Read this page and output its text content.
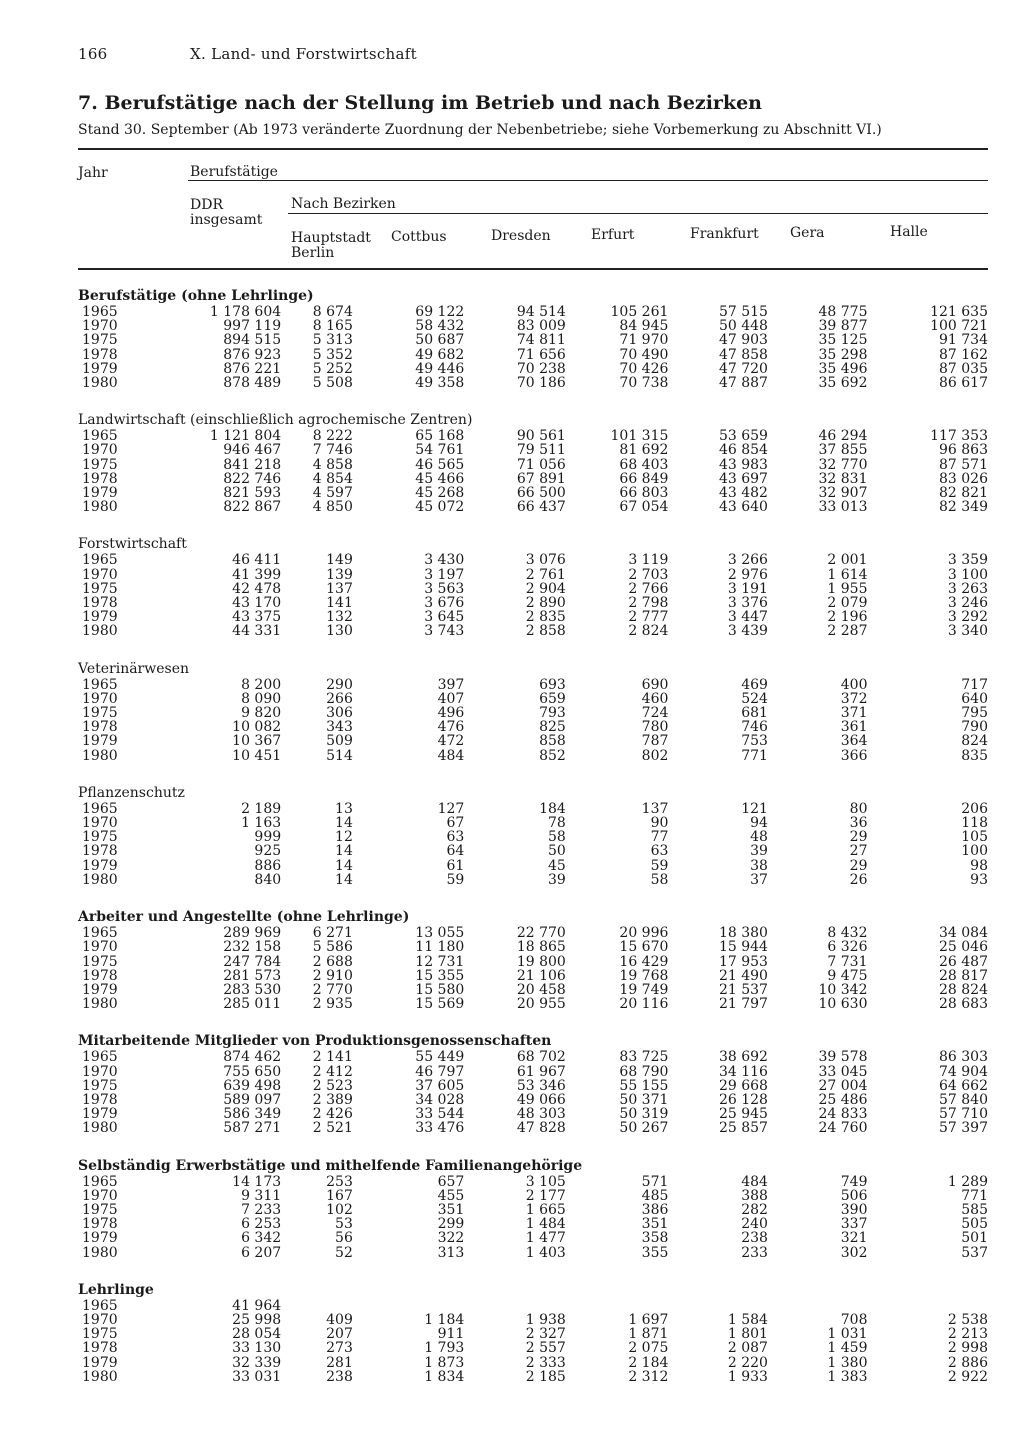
166	X. Land- und Forstwirtschaft
7. Berufstätige nach der Stellung im Betrieb und nach Bezirken
Stand 30. September (Ab 1973 veränderte Zuordnung der Nebenbetriebe; siehe Vorbemerkung zu Abschnitt VI.)
Jahr	Berufstätige
DDR
insgesamt
Nach Bezirken
Hauptstadt
Berlin
Cottbus	Dresden	Erfurt	Frankfurt Gera	Halle
Berufstätige (ohne Lehrlinge)								
1965	1 178 604	8 674	69 122	94 514	105 261	57 515	48 775	121 635
1970	997 119	8 165	58 432	83 009	84 945	50 448	39 877	100 721
1975	894 515	5 313	50 687	74 811	71 970	47 903	35 125	91 734
1978	876 923	5 352	49 682	71 656	70 490	47 858	35 298	87 162
1979	876 221	5 252	49 446	70 238	70 426	47 720	35 496	87 035
1980	878 489	5 508	49 358	70 186	70 738	47 887	35 692	86 617

Landwirtschaft (einschließlich agrochemische Zentren)								
1965	1 121 804	8 222	65 168	90 561	101 315	53 659	46 294	117 353
1970	946 467	7 746	54 761	79 511	81 692	46 854	37 855	96 863
1975	841 218	4 858	46 565	71 056	68 403	43 983	32 770	87 571
1978	822 746	4 854	45 466	67 891	66 849	43 697	32 831	83 026
1979	821 593	4 597	45 268	66 500	66 803	43 482	32 907	82 821
1980	822 867	4 850	45 072	66 437	67 054	43 640	33 013	82 349

Forstwirtschaft								
1965	46 411	149	3 430	3 076	3 119	3 266	2 001	3 359
1970	41 399	139	3 197	2 761	2 703	2 976	1 614	3 100
1975	42 478	137	3 563	2 904	2 766	3 191	1 955	3 263
1978	43 170	141	3 676	2 890	2 798	3 376	2 079	3 246
1979	43 375	132	3 645	2 835	2 777	3 447	2 196	3 292
1980	44 331	130	3 743	2 858	2 824	3 439	2 287	3 340

Veterinärwesen								
1965	8 200	290	397	693	690	469	400	717
1970	8 090	266	407	659	460	524	372	640
1975	9 820	306	496	793	724	681	371	795
1978	10 082	343	476	825	780	746	361	790
1979	10 367	509	472	858	787	753	364	824
1980	10 451	514	484	852	802	771	366	835

Pflanzenschutz								
1965	2 189	13	127	184	137	121	80	206
1970	1 163	14	67	78	90	94	36	118
1975	999	12	63	58	77	48	29	105
1978	925	14	64	50	63	39	27	100
1979	886	14	61	45	59	38	29	98
1980	840	14	59	39	58	37	26	93

Arbeiter und Angestellte (ohne Lehrlinge)								
1965	289 969	6 271	13 055	22 770	20 996	18 380	8 432	34 084
1970	232 158	5 586	11 180	18 865	15 670	15 944	6 326	25 046
1975	247 784	2 688	12 731	19 800	16 429	17 953	7 731	26 487
1978	281 573	2 910	15 355	21 106	19 768	21 490	9 475	28 817
1979	283 530	2 770	15 580	20 458	19 749	21 537	10 342	28 824
1980	285 011	2 935	15 569	20 955	20 116	21 797	10 630	28 683

Mitarbeitende Mitglieder von Produktionsgenossenschaften								
1965	874 462	2 141	55 449	68 702	83 725	38 692	39 578	86 303
1970	755 650	2 412	46 797	61 967	68 790	34 116	33 045	74 904
1975	639 498	2 523	37 605	53 346	55 155	29 668	27 004	64 662
1978	589 097	2 389	34 028	49 066	50 371	26 128	25 486	57 840
1979	586 349	2 426	33 544	48 303	50 319	25 945	24 833	57 710
1980	587 271	2 521	33 476	47 828	50 267	25 857	24 760	57 397

Selbständig Erwerbstätige und mithelfende Familienangehörige								
1965	14 173	253	657	3 105	571	484	749	1 289
1970	9 311	167	455	2 177	485	388	506	771
1975	7 233	102	351	1 665	386	282	390	585
1978	6 253	53	299	1 484	351	240	337	505
1979	6 342	56	322	1 477	358	238	321	501
1980	6 207	52	313	1 403	355	233	302	537

Lehrlinge								
1965	41 964							
1970	25 998	409	1 184	1 938	1 697	1 584	708	2 538
1975	28 054	207	911	2 327	1 871	1 801	1 031	2 213
1978	33 130	273	1 793	2 557	2 075	2 087	1 459	2 998
1979	32 339	281	1 873	2 333	2 184	2 220	1 380	2 886
1980	33 031	238	1 834	2 185	2 312	1 933	1 383	2 922
